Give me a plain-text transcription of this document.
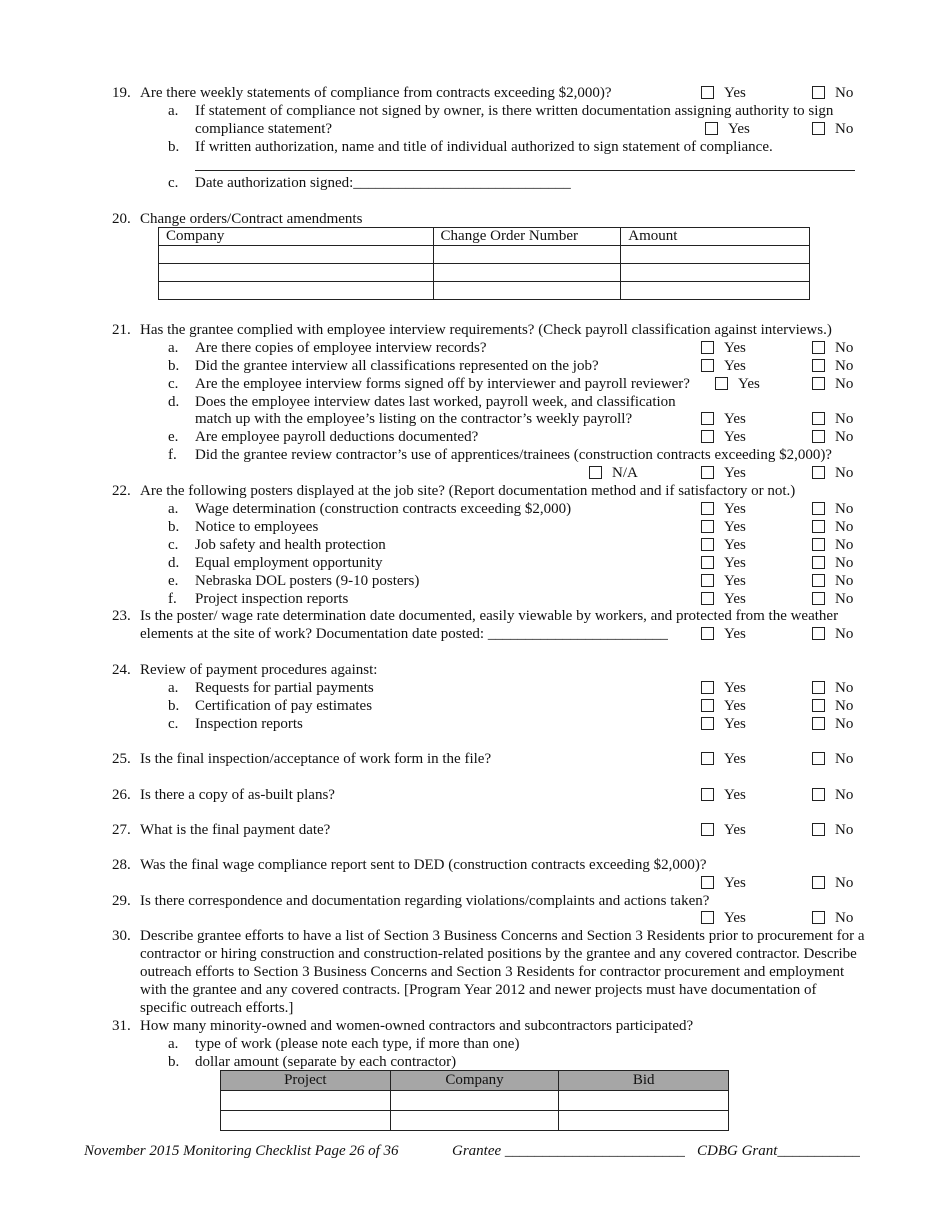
19. Are there weekly statements of compliance from contracts exceeding $2,000)?	Yes	No
a. If statement of compliance not signed by owner, is there written documentation assigning authority to sign
compliance statement?	Yes	No
b. If written authorization, name and title of individual authorized to sign statement of compliance.
c. Date authorization signed:_____________________________
20. Change orders/Contract amendments
Company	Change Order Number	Amount

21. Has the grantee complied with employee interview requirements? (Check payroll classification against interviews.)
a. Are there copies of employee interview records?	Yes	No
b. Did the grantee interview all classifications represented on the job?	Yes	No
c. Are the employee interview forms signed off by interviewer and payroll reviewer?	Yes	No
d. Does the employee interview dates last worked, payroll week, and classification
match up with the employee’s listing on the contractor’s weekly payroll?	Yes	No
e. Are employee payroll deductions documented?	Yes	No
f. Did the grantee review contractor’s use of apprentices/trainees (construction contracts exceeding $2,000)?
N/A	Yes	No
22. Are the following posters displayed at the job site? (Report documentation method and if satisfactory or not.)
a. Wage determination (construction contracts exceeding $2,000)	Yes	No
b. Notice to employees	Yes	No
c. Job safety and health protection	Yes	No
d. Equal employment opportunity	Yes	No
e. Nebraska DOL posters (9-10 posters)	Yes	No
f. Project inspection reports	Yes	No
23. Is the poster/ wage rate determination date documented, easily viewable by workers, and protected from the weather
elements at the site of work? Documentation date posted: ________________________	Yes	No
24. Review of payment procedures against:
a. Requests for partial payments	Yes	No
b. Certification of pay estimates	Yes	No
c. Inspection reports	Yes	No
25. Is the final inspection/acceptance of work form in the file?	Yes	No
26. Is there a copy of as-built plans?	Yes	No
27. What is the final payment date?	Yes	No
28. Was the final wage compliance report sent to DED (construction contracts exceeding $2,000)?
Yes	No
29. Is there correspondence and documentation regarding violations/complaints and actions taken?
Yes	No
30. Describe grantee efforts to have a list of Section 3 Business Concerns and Section 3 Residents prior to procurement for a contractor or hiring construction and construction-related positions by the grantee and any covered contractor. Describe outreach efforts to Section 3 Business Concerns and Section 3 Residents for contractor procurement and employment with the grantee and any covered contracts. [Program Year 2012 and newer projects must have documentation of specific outreach efforts.]
31. How many minority-owned and women-owned contractors and subcontractors participated?
a. type of work (please note each type, if more than one)
b. dollar amount (separate by each contractor)
Project	Company	Bid

November 2015 Monitoring Checklist Page 26 of 36	Grantee ________________________ CDBG Grant___________
